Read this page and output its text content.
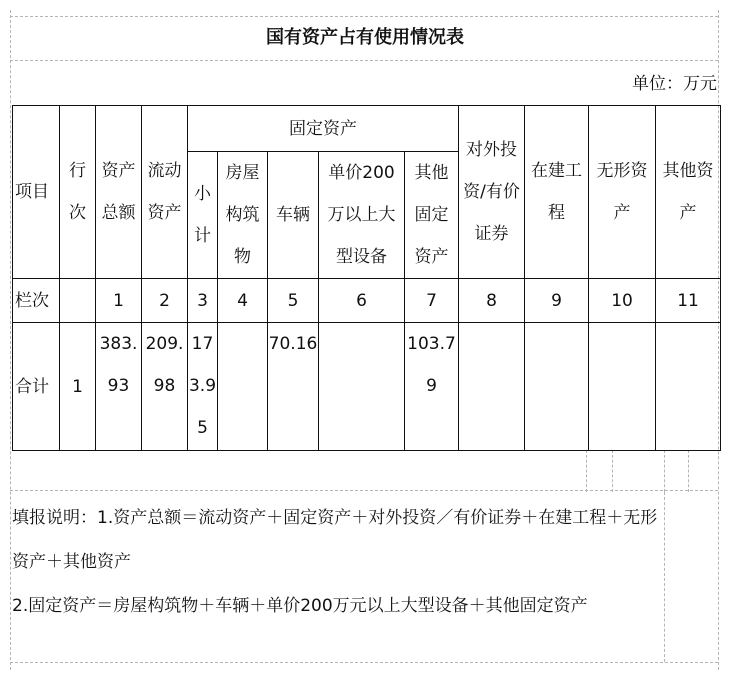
国有资产占有使用情况表
单位：万元
项目	行次	资产总额	流动资产	固定资产					对外投资/有价证券	在建工程	无形资产	其他资产
				小计	房屋构筑物	车辆	单价200万以上大型设备	其他固定资产				
栏次		1	2	3	4	5	6	7	8	9	10	11
合计	1	383.93	209.98	173.95		70.16		103.79				

填报说明：1.资产总额＝流动资产＋固定资产＋对外投资／有价证券＋在建工程＋无形资产＋其他资产

2.固定资产＝房屋构筑物＋车辆＋单价200万元以上大型设备＋其他固定资产
